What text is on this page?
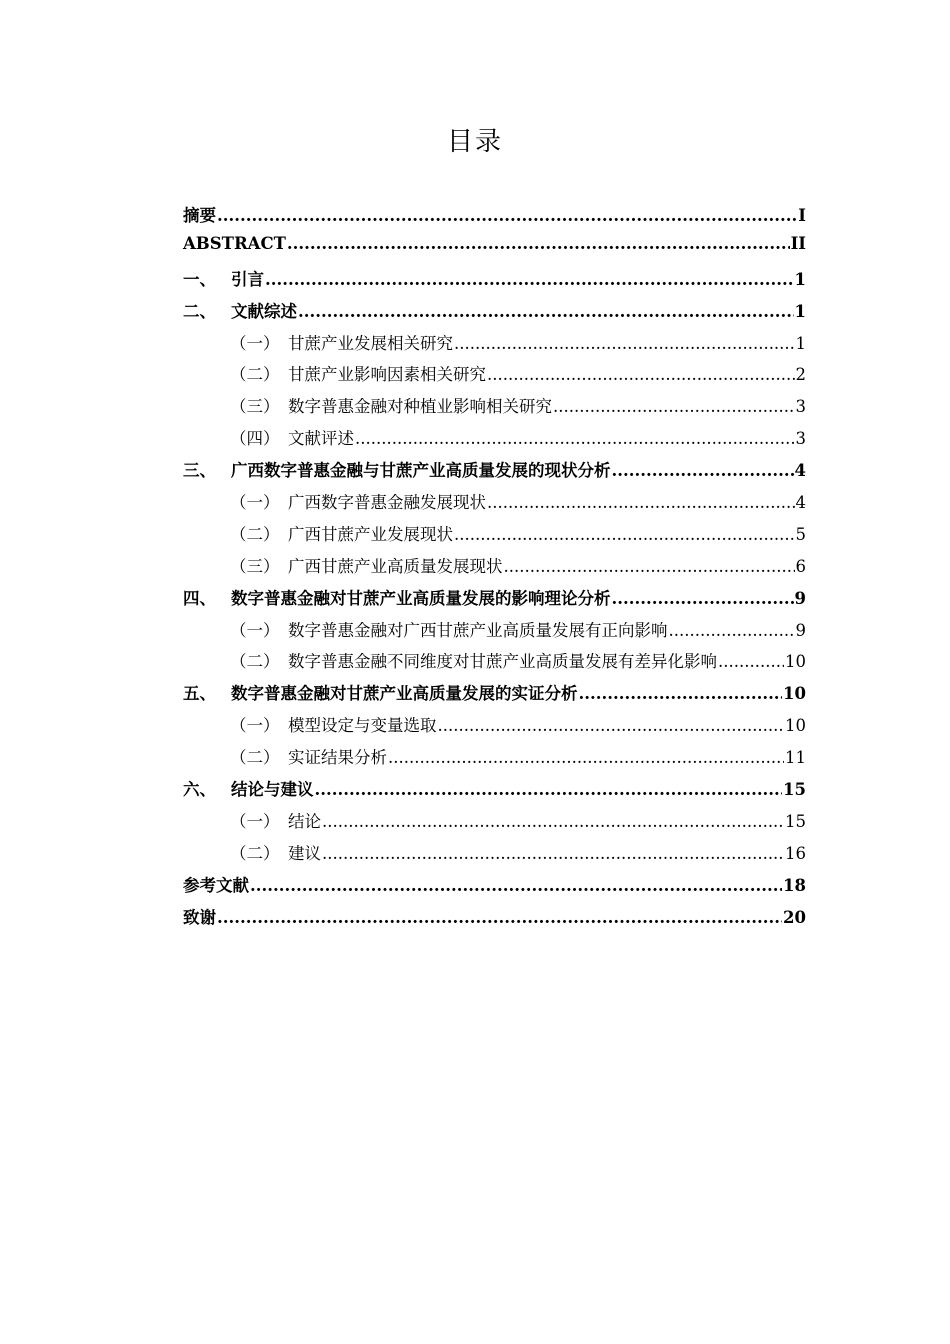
目录
摘要 .....	I
ABSTRACT .....	II
一、 引言 .....	1
二、 文献综述 .....	1
（一） 甘蔗产业发展相关研究 .....	1
（二） 甘蔗产业影响因素相关研究 .....	2
（三） 数字普惠金融对种植业影响相关研究 .....	3
（四） 文献评述 .....	3
三、 广西数字普惠金融与甘蔗产业高质量发展的现状分析 .....	4
（一） 广西数字普惠金融发展现状 .....	4
（二） 广西甘蔗产业发展现状 .....	5
（三） 广西甘蔗产业高质量发展现状 .....	6
四、 数字普惠金融对甘蔗产业高质量发展的影响理论分析 .....	9
（一） 数字普惠金融对广西甘蔗产业高质量发展有正向影响 .....	9
（二） 数字普惠金融不同维度对甘蔗产业高质量发展有差异化影响 .....	10
五、 数字普惠金融对甘蔗产业高质量发展的实证分析 .....	10
（一） 模型设定与变量选取 .....	10
（二） 实证结果分析 .....	11
六、 结论与建议 .....	15
（一） 结论 .....	15
（二） 建议 .....	16
参考文献 .....	18
致谢 .....	20
